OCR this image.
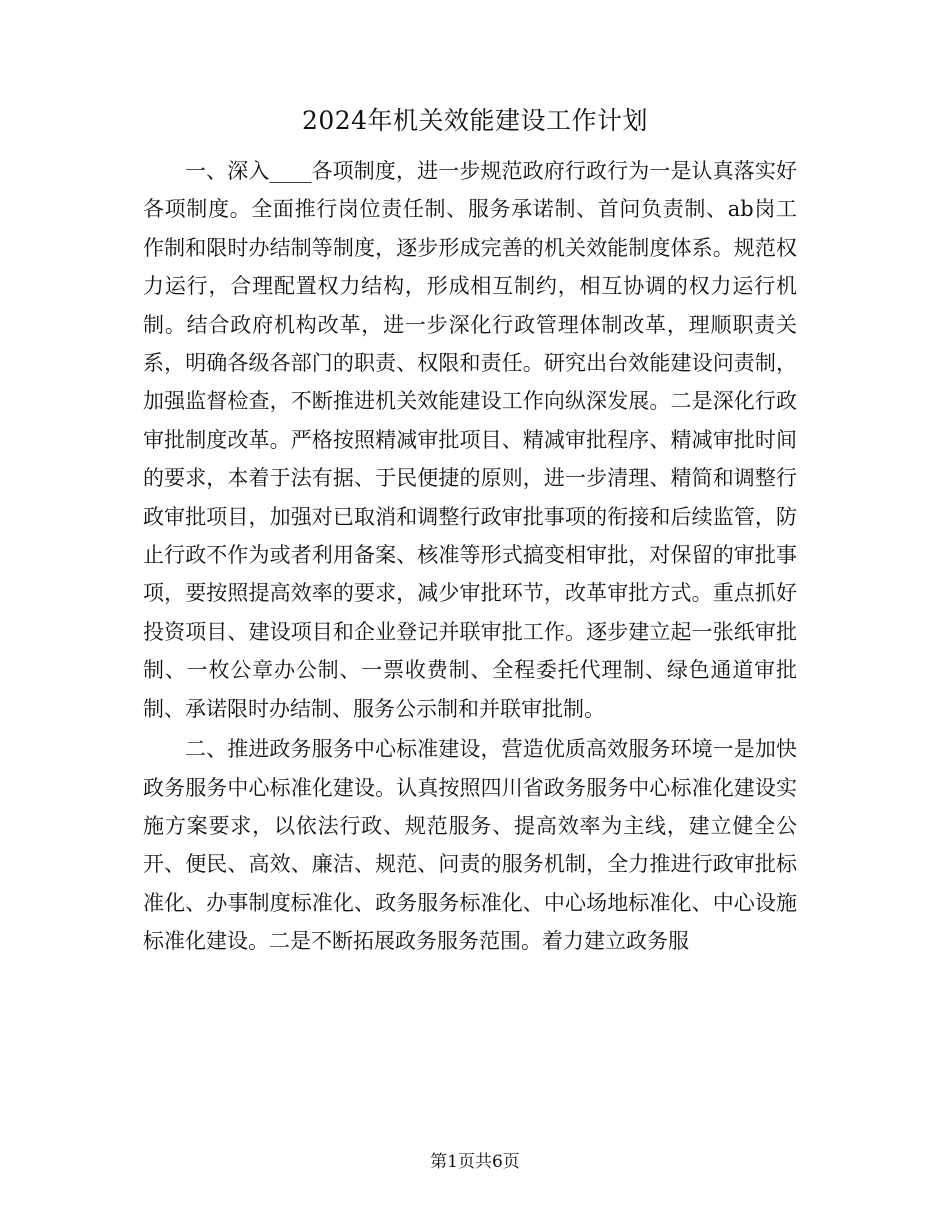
2024年机关效能建设工作计划

一、深入____各项制度，进一步规范政府行政行为一是认真落实好各项制度。全面推行岗位责任制、服务承诺制、首问负责制、ab岗工作制和限时办结制等制度，逐步形成完善的机关效能制度体系。规范权力运行，合理配置权力结构，形成相互制约，相互协调的权力运行机制。结合政府机构改革，进一步深化行政管理体制改革，理顺职责关系，明确各级各部门的职责、权限和责任。研究出台效能建设问责制，加强监督检查，不断推进机关效能建设工作向纵深发展。二是深化行政审批制度改革。严格按照精减审批项目、精减审批程序、精减审批时间的要求，本着于法有据、于民便捷的原则，进一步清理、精简和调整行政审批项目，加强对已取消和调整行政审批事项的衔接和后续监管，防止行政不作为或者利用备案、核准等形式搞变相审批，对保留的审批事项，要按照提高效率的要求，减少审批环节，改革审批方式。重点抓好投资项目、建设项目和企业登记并联审批工作。逐步建立起一张纸审批制、一枚公章办公制、一票收费制、全程委托代理制、绿色通道审批制、承诺限时办结制、服务公示制和并联审批制。

二、推进政务服务中心标准建设，营造优质高效服务环境一是加快政务服务中心标准化建设。认真按照四川省政务服务中心标准化建设实施方案要求，以依法行政、规范服务、提高效率为主线，建立健全公开、便民、高效、廉洁、规范、问责的服务机制，全力推进行政审批标准化、办事制度标准化、政务服务标准化、中心场地标准化、中心设施标准化建设。二是不断拓展政务服务范围。着力建立政务服

第1页共6页
